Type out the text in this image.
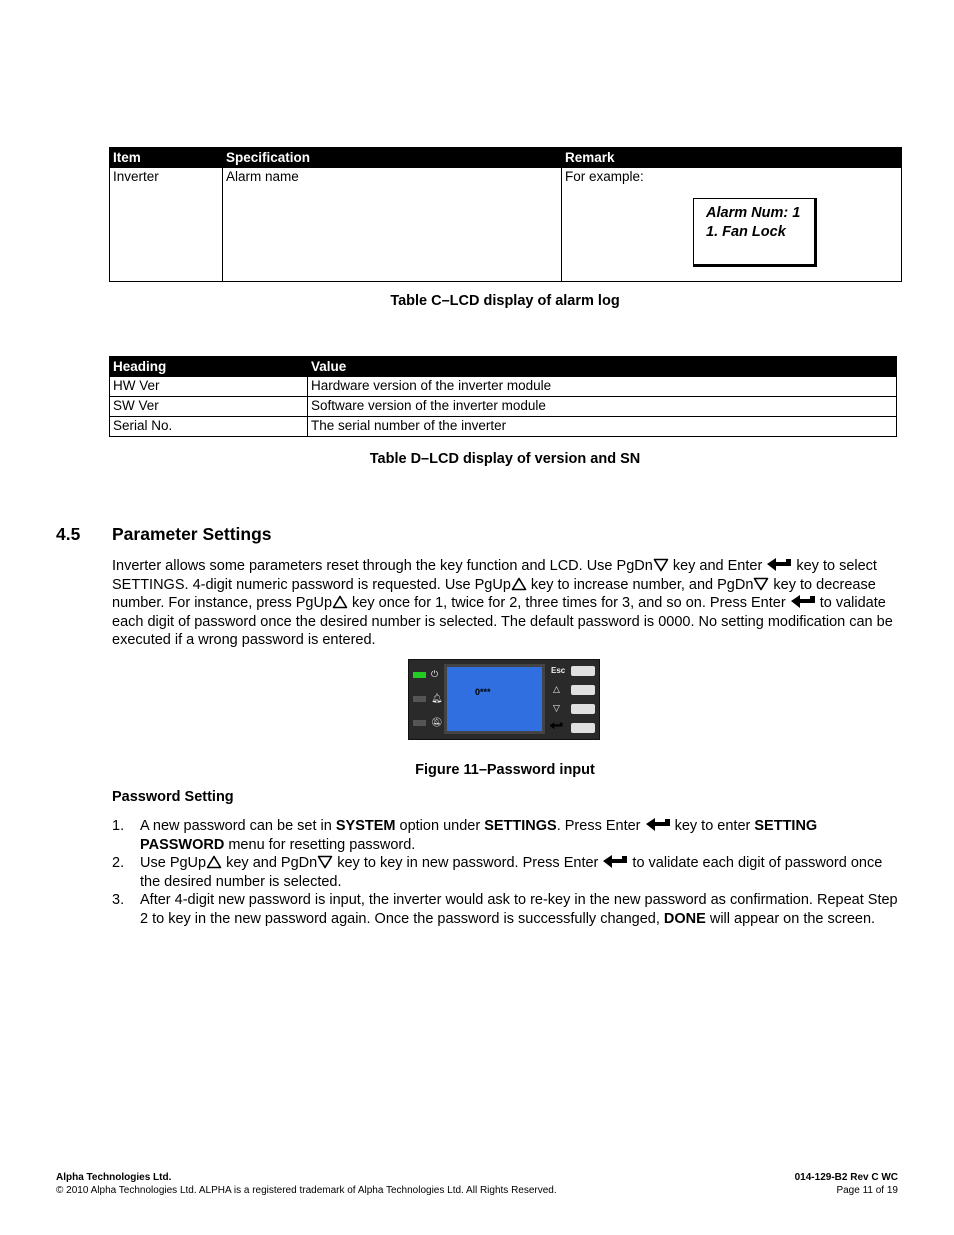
Item	Specification	Remark
Inverter	Alarm name	For example:
Alarm Num: 1
1. Fan Lock
Table C–LCD display of alarm log
Heading	Value
HW Ver	Hardware version of the inverter module
SW Ver	Software version of the inverter module
Serial No.	The serial number of the inverter
Table D–LCD display of version and SN
4.5 Parameter Settings

Inverter allows some parameters reset through the key function and LCD. Use PgDn key and Enter  key to select SETTINGS. 4-digit numeric password is requested. Use PgUp key to increase number, and PgDn key to decrease number. For instance, press PgUp key once for 1, twice for 2, three times for 3, and so on. Press Enter  to validate each digit of password once the desired number is selected. The default password is 0000. No setting modification can be executed if a wrong password is entered.

⏻
🔔︎
🔕︎
0***
Esc
△
▽
Figure 11–Password input
Password Setting
1. A new password can be set in SYSTEM option under SETTINGS. Press Enter  key to enter SETTING PASSWORD menu for resetting password.
2. Use PgUp key and PgDn key to key in new password. Press Enter  to validate each digit of password once the desired number is selected.
3. After 4-digit new password is input, the inverter would ask to re-key in the new password as confirmation. Repeat Step 2 to key in the new password again. Once the password is successfully changed, DONE will appear on the screen.
Alpha Technologies Ltd.
© 2010 Alpha Technologies Ltd. ALPHA is a registered trademark of Alpha Technologies Ltd. All Rights Reserved.
014-129-B2 Rev C WC
Page 11 of 19
